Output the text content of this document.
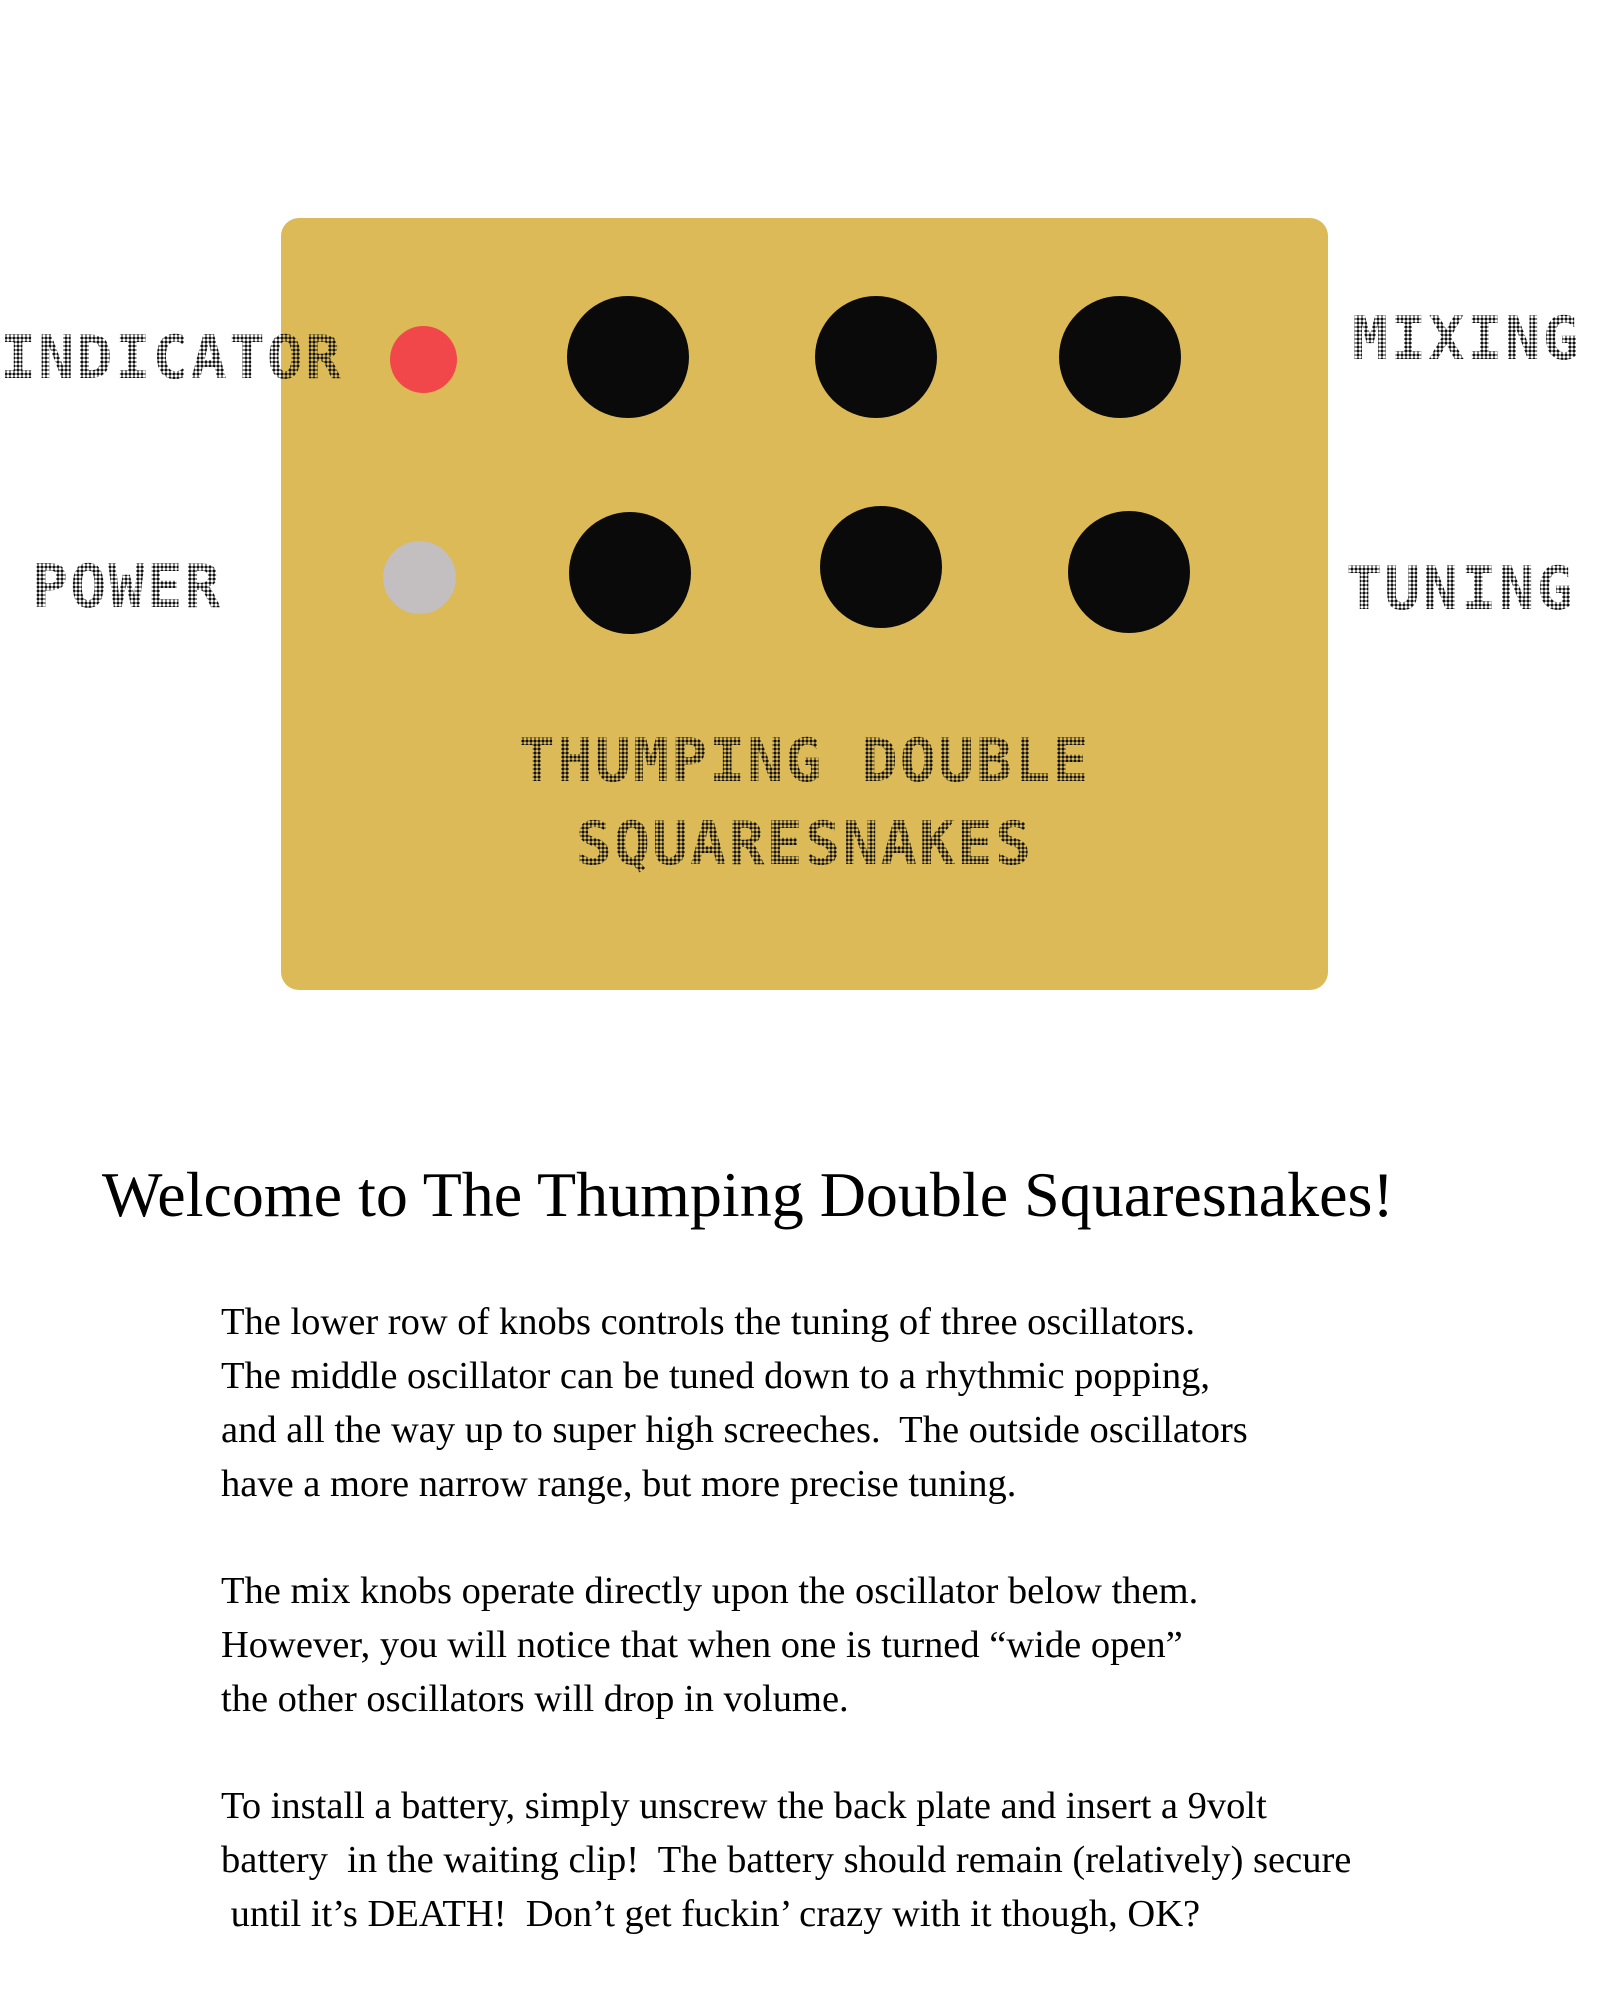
INDICATOR
POWER
MIXING
TUNING
THUMPING DOUBLE
SQUARESNAKES
Welcome to The Thumping Double Squaresnakes!

The lower row of knobs controls the tuning of three oscillators.
The middle oscillator can be tuned down to a rhythmic popping,
and all the way up to super high screeches.  The outside oscillators
have a more narrow range, but more precise tuning.

The mix knobs operate directly upon the oscillator below them.
However, you will notice that when one is turned “wide open”
the other oscillators will drop in volume.

To install a battery, simply unscrew the back plate and insert a 9volt
battery  in the waiting clip!  The battery should remain (relatively) secure
until it’s DEATH!  Don’t get fuckin’ crazy with it though, OK?
